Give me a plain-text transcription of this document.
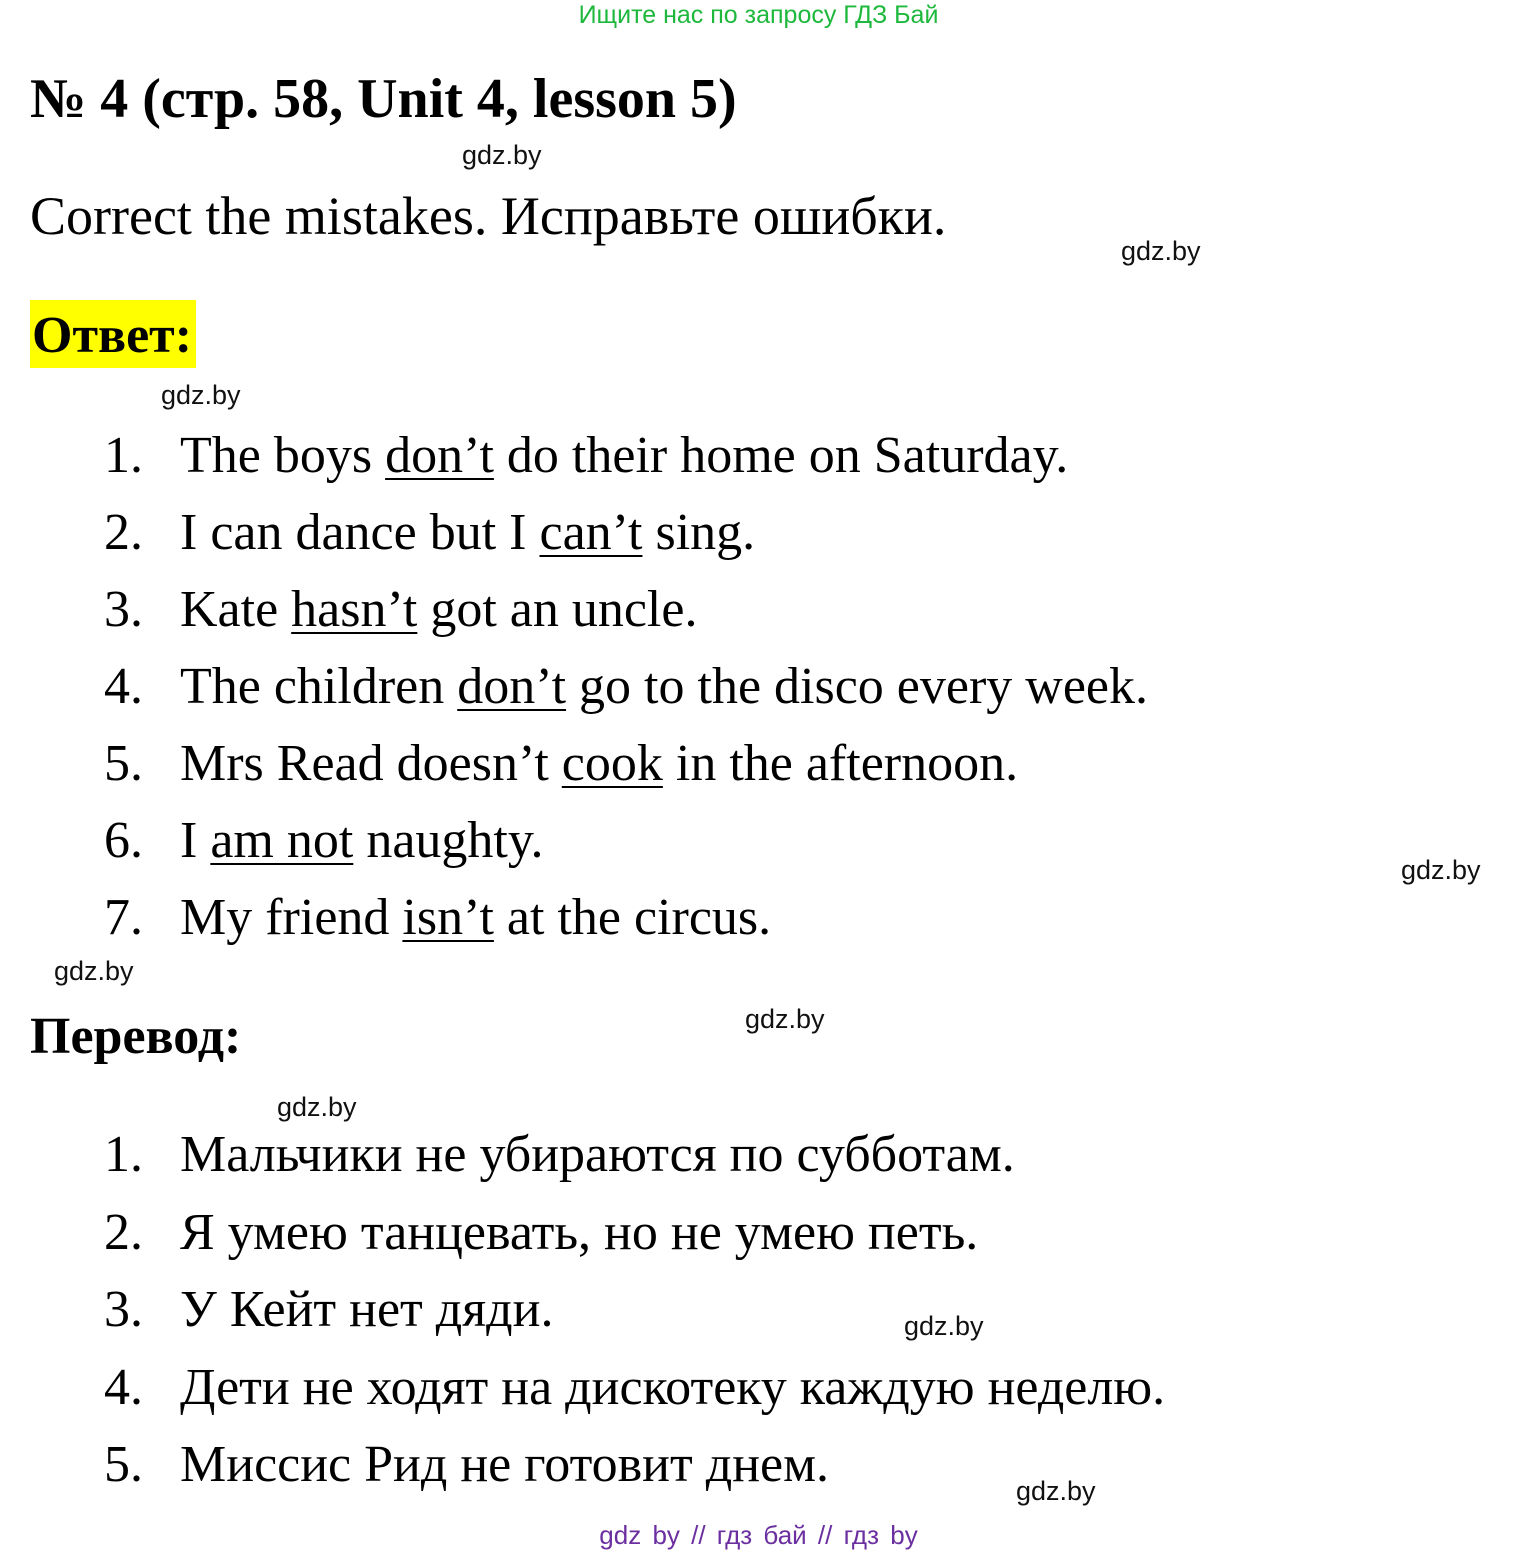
Ищите нас по запросу ГДЗ Бай
№ 4 (стр. 58, Unit 4, lesson 5)
gdz.by
Correct the mistakes. Исправьте ошибки.
gdz.by
Ответ:
gdz.by
1. The boys don’t do their home on Saturday.
2. I can dance but I can’t sing.
3. Kate hasn’t got an uncle.
4. The children don’t go to the disco every week.
5. Mrs Read doesn’t cook in the afternoon.
6. I am not naughty.
7. My friend isn’t at the circus.
gdz.by
gdz.by
gdz.by
Перевод:
gdz.by
1. Мальчики не убираются по субботам.
2. Я умею танцевать, но не умею петь.
3. У Кейт нет дяди.
4. Дети не ходят на дискотеку каждую неделю.
5. Миссис Рид не готовит днем.
gdz.by
gdz.by
gdz by // гдз бай // гдз by
